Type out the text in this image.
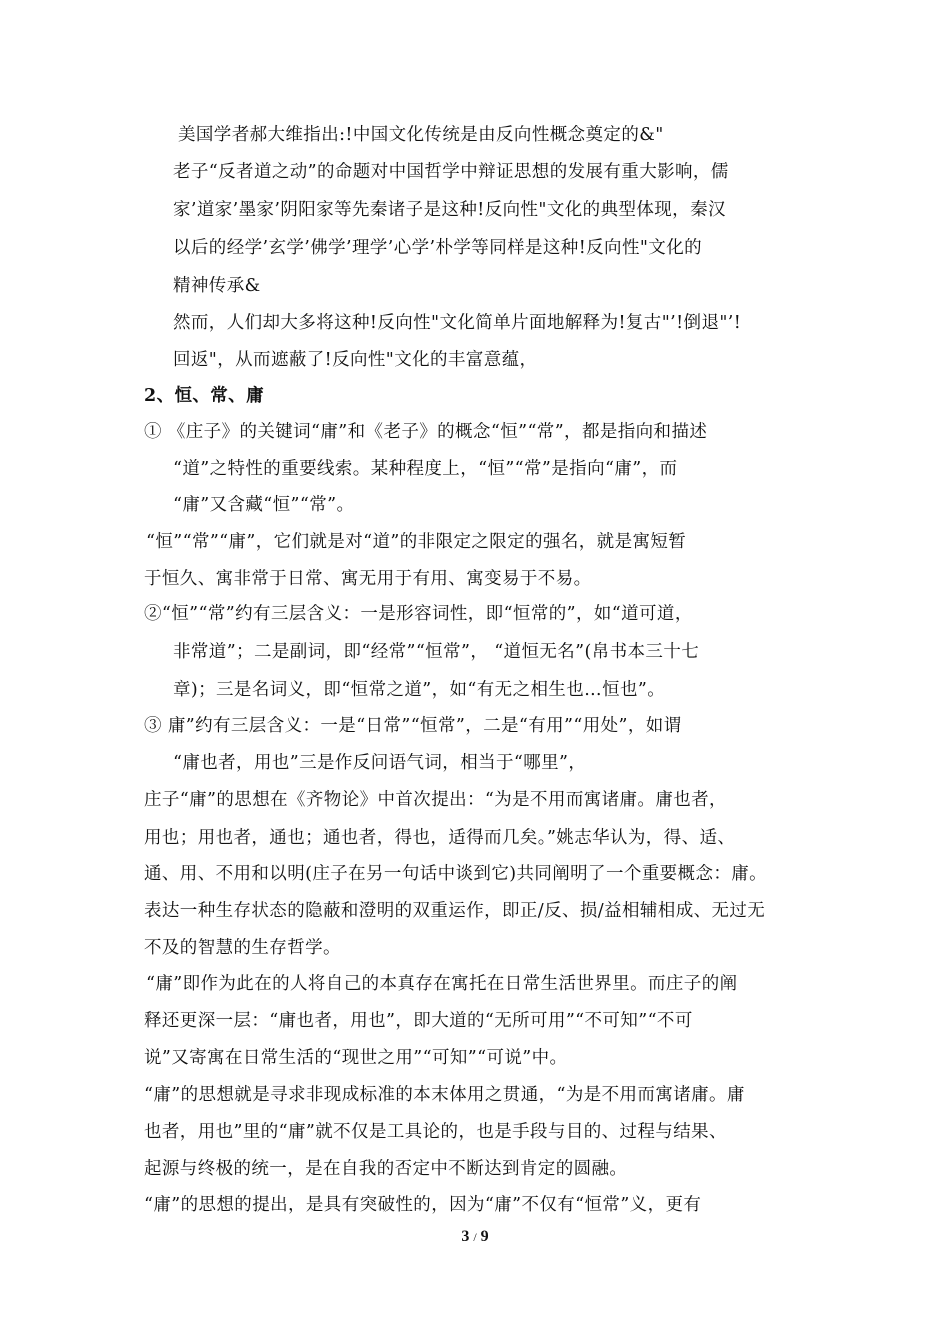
美国学者郝大维指出:!中国文化传统是由反向性概念奠定的&"
老子“反者道之动”的命题对中国哲学中辩证思想的发展有重大影响，儒
家’道家’墨家’阴阳家等先秦诸子是这种!反向性"文化的典型体现，秦汉
以后的经学’玄学’佛学’理学’心学’朴学等同样是这种!反向性"文化的
精神传承&
然而，人们却大多将这种!反向性"文化简单片面地解释为!复古"’!倒退"’!
回返"，从而遮蔽了!反向性"文化的丰富意蕴，
2、恒、常、庸
① 《庄子》的关键词“庸”和《老子》的概念“恒”“常”，都是指向和描述
“道”之特性的重要线索。某种程度上，“恒”“常”是指向“庸”，而
“庸”又含藏“恒”“常”。
“恒”“常”“庸”，它们就是对“道”的非限定之限定的强名，就是寓短暂
于恒久、寓非常于日常、寓无用于有用、寓变易于不易。
②“恒”“常”约有三层含义：一是形容词性，即“恒常的”，如“道可道，
非常道”；二是副词，即“经常”“恒常”， “道恒无名”(帛书本三十七
章)；三是名词义，即“恒常之道”，如“有无之相生也…恒也”。
③ 庸”约有三层含义：一是“日常”“恒常”，二是“有用”“用处”，如谓
“庸也者，用也”三是作反问语气词，相当于“哪里”，
庄子“庸”的思想在《齐物论》中首次提出：“为是不用而寓诸庸。庸也者，
用也；用也者，通也；通也者，得也，适得而几矣。”姚志华认为，得、适、
通、用、不用和以明(庄子在另一句话中谈到它)共同阐明了一个重要概念：庸。
表达一种生存状态的隐蔽和澄明的双重运作，即正/反、损/益相辅相成、无过无
不及的智慧的生存哲学。
“庸”即作为此在的人将自己的本真存在寓托在日常生活世界里。而庄子的阐
释还更深一层：“庸也者，用也”，即大道的“无所可用”“不可知”“不可
说”又寄寓在日常生活的“现世之用”“可知”“可说”中。
“庸”的思想就是寻求非现成标准的本末体用之贯通，“为是不用而寓诸庸。庸
也者，用也”里的“庸”就不仅是工具论的，也是手段与目的、过程与结果、
起源与终极的统一，是在自我的否定中不断达到肯定的圆融。
“庸”的思想的提出，是具有突破性的，因为“庸”不仅有“恒常”义，更有
3 / 9
